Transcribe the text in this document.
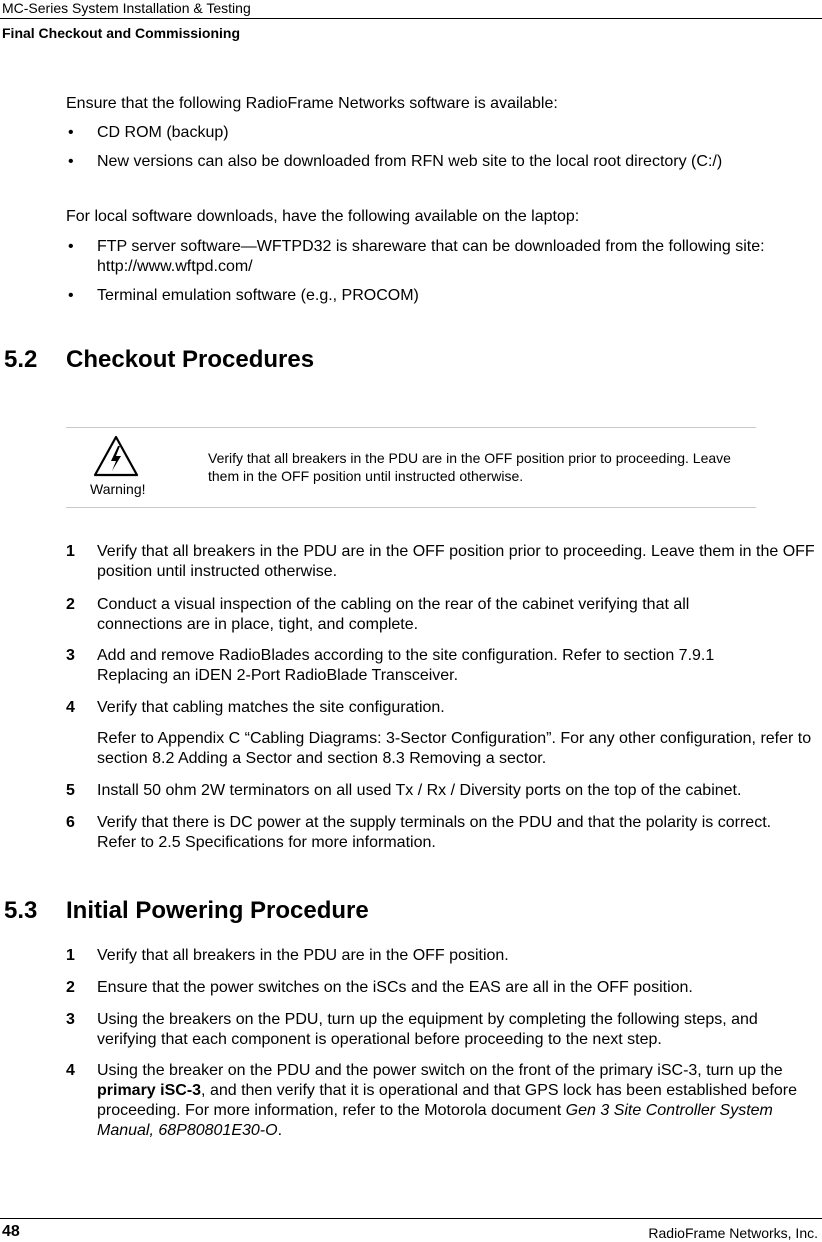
MC-Series System Installation & Testing
Final Checkout and Commissioning
Ensure that the following RadioFrame Networks software is available:
• CD ROM (backup)
• New versions can also be downloaded from RFN web site to the local root directory (C:/)
For local software downloads, have the following available on the laptop:
• FTP server software—WFTPD32 is shareware that can be downloaded from the following site: http://www.wftpd.com/
• Terminal emulation software (e.g., PROCOM)
5.2 Checkout Procedures
Warning!
Verify that all breakers in the PDU are in the OFF position prior to proceeding. Leave them in the OFF position until instructed otherwise.
1 Verify that all breakers in the PDU are in the OFF position prior to proceeding. Leave them in the OFF position until instructed otherwise.
2 Conduct a visual inspection of the cabling on the rear of the cabinet verifying that all connections are in place, tight, and complete.
3 Add and remove RadioBlades according to the site configuration. Refer to section 7.9.1 Replacing an iDEN 2-Port RadioBlade Transceiver.
4 Verify that cabling matches the site configuration.
Refer to Appendix C “Cabling Diagrams: 3-Sector Configuration”. For any other configuration, refer to section 8.2 Adding a Sector and section 8.3 Removing a sector.
5 Install 50 ohm 2W terminators on all used Tx / Rx / Diversity ports on the top of the cabinet.
6 Verify that there is DC power at the supply terminals on the PDU and that the polarity is correct. Refer to 2.5 Specifications for more information.
5.3 Initial Powering Procedure
1 Verify that all breakers in the PDU are in the OFF position.
2 Ensure that the power switches on the iSCs and the EAS are all in the OFF position.
3 Using the breakers on the PDU, turn up the equipment by completing the following steps, and verifying that each component is operational before proceeding to the next step.
4 Using the breaker on the PDU and the power switch on the front of the primary iSC-3, turn up the primary iSC-3, and then verify that it is operational and that GPS lock has been established before proceeding. For more information, refer to the Motorola document Gen 3 Site Controller System Manual, 68P80801E30-O.
48	RadioFrame Networks, Inc.
